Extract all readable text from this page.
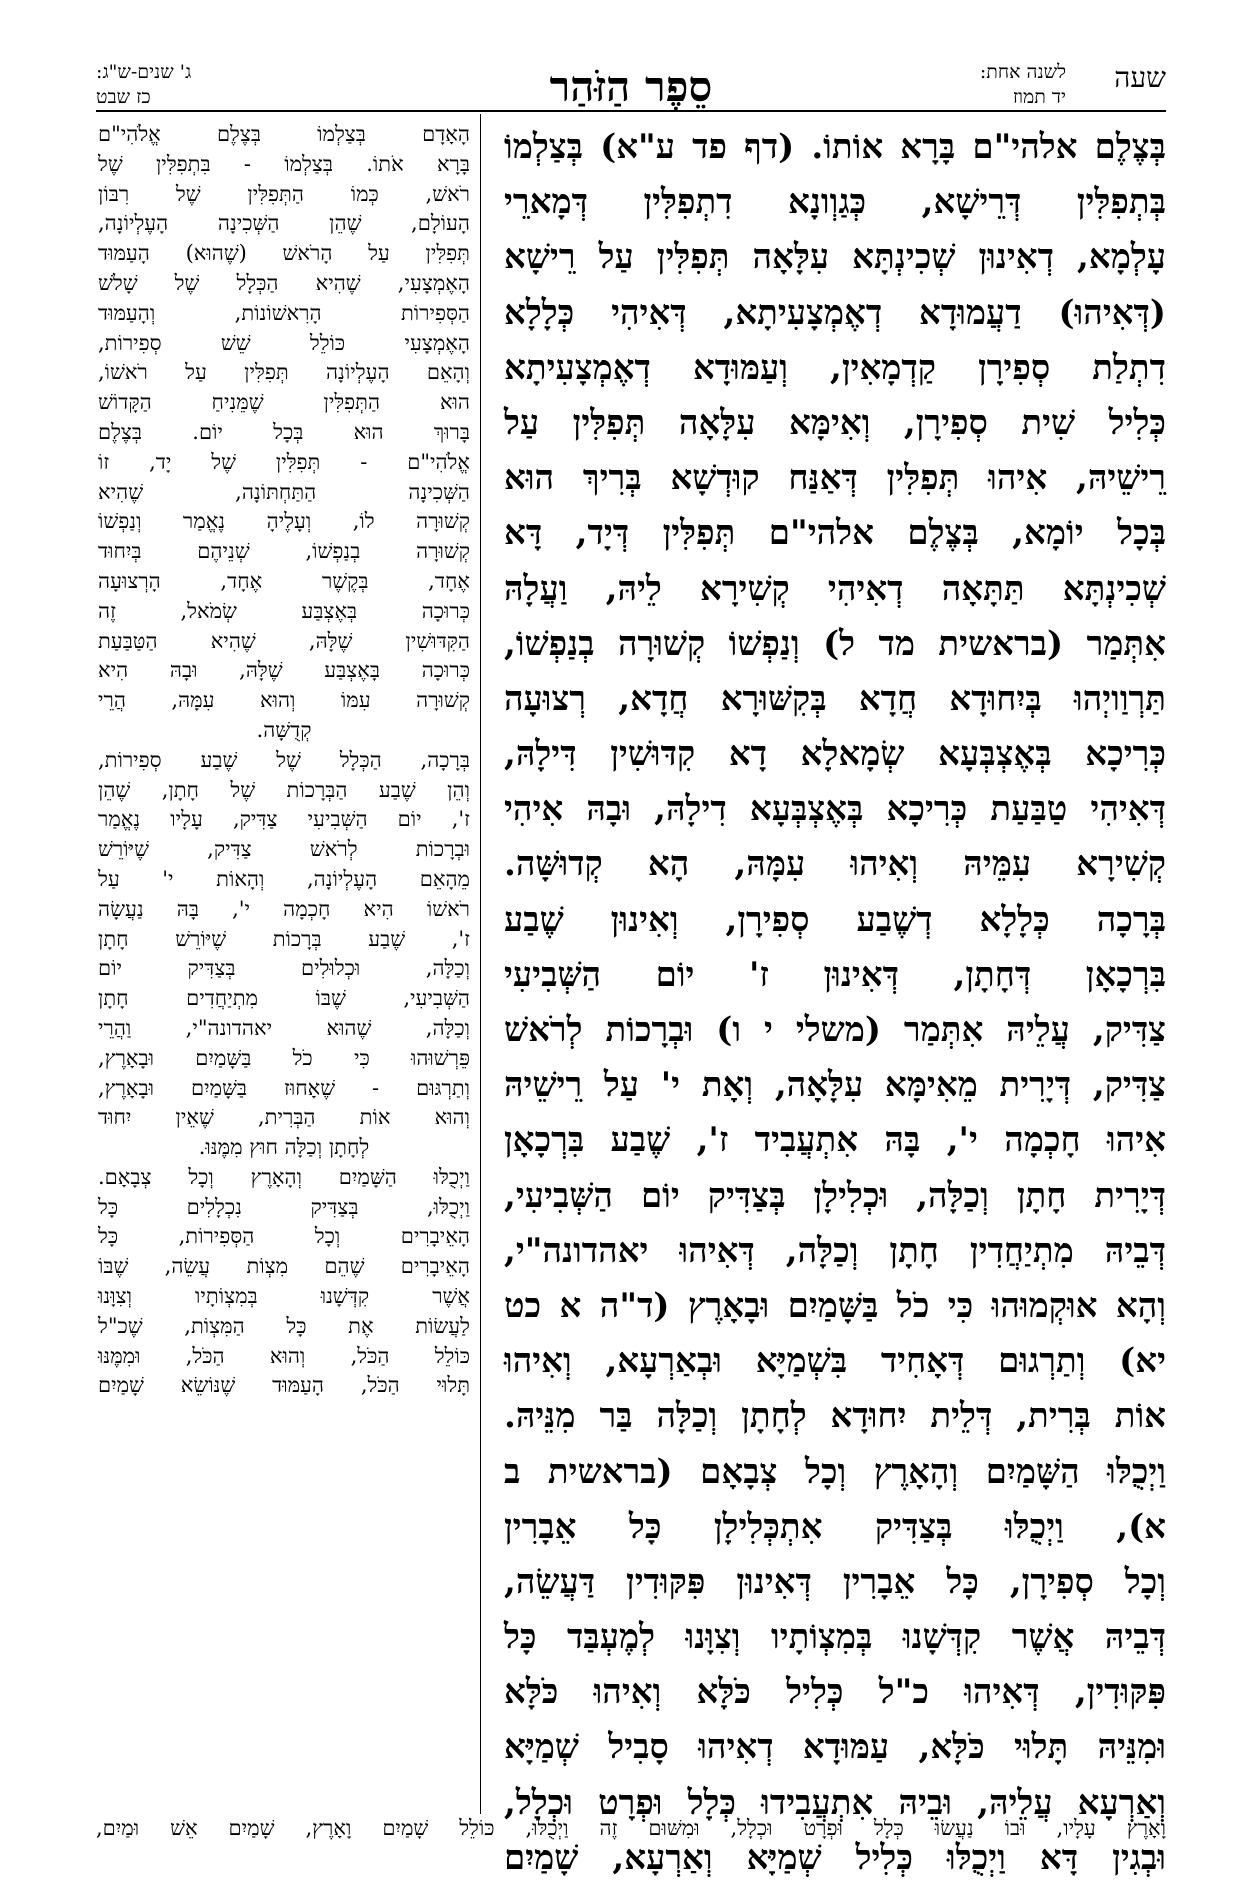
שעה
לשנה אחת:
יד תמוז
סֵפֶר הַזֹּהַר
ג' שנים-ש"ג:
כז שבט
בְּצֶלֶם אלהי"ם בָּרָא אוֹתוֹ. (דף פד ע"א) בְּצַלְמוֹ
בְּתְפִלִּין דְּרֵישָׁא, כְּגַוְונָא דִתְפִלִּין דְּמָארֵי
עָלְמָא, דְאִינוּן שְׁכִינְתָּא עִלָּאָה תְּפִלִּין עַל רֵישָׁא
(דְּאִיהוּ) דַעֲמוּדָא דְאֶמְצָעִיתָא, דְּאִיהִי כְּלָלָא
דִתְלַת סְפִירָן קַדְמָאִין, וְעַמּוּדָא דְאֶמְצָעִיתָא
כְּלִיל שִׁית סְפִירָן, וְאִימָּא עִלָּאָה תְּפִלִּין עַל
רֵישֵׁיהּ, אִיהוּ תְּפִלִּין דְּאַנַּח קוּדְשָׁא בְּרִיךְ הוּא
בְּכָל יוֹמָא, בְּצֶלֶם אלהי"ם תְּפִלִּין דְּיָד, דָּא
שְׁכִינְתָּא תַּתָּאָה דְאִיהִי קְשִׁירָא לֵיהּ, וַעֲלָהּ
אִתְּמַר (בראשית מד ל) וְנַפְשׁוֹ קְשׁוּרָה בְנַפְשׁוֹ,
תַּרְוַויְהוּ בְּיִחוּדָא חֲדָא בְּקִשּׁוּרָא חֲדָא, רְצוּעָה
כְּרִיכָא בְּאֶצְבְּעָא שְׂמָאלָא דָא קִדּוּשִׁין דִּילָהּ,
דְּאִיהִי טַבַּעַת כְּרִיכָא בְּאֶצְבְּעָא דִילָהּ, וּבָהּ אִיהִי
קְשִׁירָא עִמֵּיהּ וְאִיהוּ עִמָּהּ, הָא קְדוּשָּׁה.
בְּרָכָה כְּלָלָא דְשֶׁבַע סְפִירָן, וְאִינוּן שֶׁבַע
בִּרְכָאָן דְּחָתָן, דְּאִינוּן ז' יוֹם הַשְּׁבִיעִי
צַדִּיק, עֲלֵיהּ אִתְּמַר (משלי י ו) וּבְרָכוֹת לְרֹאשׁ
צַדִּיק, דְּיָרִית מֵאִימָּא עִלָּאָה, וְאָת י' עַל רֵישֵׁיהּ
אִיהוּ חָכְמָה י', בָּהּ אִתְעֲבִיד ז', שֶׁבַע בִּרְכָאָן
דְּיָרִית חָתָן וְכַלָּה, וּכְלִילָן בְּצַדִּיק יוֹם הַשְּׁבִיעִי,
דְּבֵיהּ מִתְיַחֲדִין חָתָן וְכַלָּה, דְּאִיהוּ יאהדונה"י,
וְהָא אוּקְמוּהוּ כִּי כֹל בַּשָּׁמַיִם וּבָאָרֶץ (ד"ה א כט
יא) וְתַרְגוּם דְּאָחִיד בִּשְׁמַיָּא וּבְאַרְעָא, וְאִיהוּ
אוֹת בְּרִית, דְּלֵית יִחוּדָא לְחָתָן וְכַלָּה בַּר מִנֵּיהּ.
וַיְכֻלּוּ הַשָּׁמַיִם וְהָאָרֶץ וְכָל צְבָאָם (בראשית ב
א), וַיְכֻלּוּ בְּצַדִּיק אִתְכְּלִילָן כָּל אֵבָרִין
וְכָל סְפִירָן, כָּל אֵבָרִין דְּאִינוּן פִּקּוּדִין דַּעֲשֵׂה,
דְּבֵיהּ אֲשֶׁר קִדְּשָׁנוּ בְּמִצְוֹתָיו וְצִוָּנוּ לְמֶעְבַּד כָּל
פִּקּוּדִין, דְּאִיהוּ כ"ל כְּלִיל כֹּלָּא וְאִיהוּ כֹּלָּא
וּמִנֵּיהּ תָּלוּי כֹּלָּא, עַמּוּדָא דְאִיהוּ סָבִיל שְׁמַיָּא
וְאַרְעָא עֲלֵיהּ, וּבֵיהּ אִתְעֲבִידוּ כְּלָל וּפְרָט וּכְלָל,
וּבְגִין דָּא וַיְכֻלּוּ כְּלִיל שְׁמַיָּא וְאַרְעָא, שָׁמַיִם
הָאָדָם בְּצַלְמוֹ בְּצֶלֶם אֱלֹהִי"ם
בָּרָא אֹתוֹ. בְּצַלְמוֹ - בִּתְפִלִּין שֶׁל
רֹאשׁ, כְּמוֹ הַתְּפִלִּין שֶׁל רִבּוֹן
הָעוֹלָם, שֶׁהֵן הַשְּׁכִינָה הָעֶלְיוֹנָה,
תְּפִלִּין עַל הָרֹאשׁ (שֶׁהוּא) הָעַמּוּד
הָאֶמְצָעִי, שֶׁהִיא הַכְּלָל שֶׁל שָׁלֹשׁ
הַסְּפִירוֹת הָרִאשׁוֹנוֹת, וְהָעַמּוּד
הָאֶמְצָעִי כּוֹלֵל שֵׁשׁ סְפִירוֹת,
וְהָאֵם הָעֶלְיוֹנָה תְּפִלִּין עַל רֹאשׁוֹ,
הוּא הַתְּפִלִּין שֶׁמֵּנִיחַ הַקָּדוֹשׁ
בָּרוּךְ הוּא בְּכָל יוֹם. בְּצֶלֶם
אֱלֹהִי"ם - תְּפִלִּין שֶׁל יָד, זוֹ
הַשְּׁכִינָה הַתַּחְתּוֹנָה, שֶׁהִיא
קְשׁוּרָה לוֹ, וְעָלֶיהָ נֶאֱמַר וְנַפְשׁוֹ
קְשׁוּרָה בְנַפְשׁוֹ, שְׁנֵיהֶם בְּיִחוּד
אֶחָד, בְּקֶשֶׁר אֶחָד, הָרְצוּעָה
כְּרוּכָה בְּאֶצְבַּע שְׂמֹאל, זֶה
הַקִּדּוּשִׁין שֶׁלָּהּ, שֶׁהִיא הַטַּבַּעַת
כְּרוּכָה בָּאֶצְבַּע שֶׁלָּהּ, וּבָהּ הִיא
קְשׁוּרָה עִמּוֹ וְהוּא עִמָּהּ, הֲרֵי
קְדֻשָּׁה.
בְּרָכָה, הַכְּלָל שֶׁל שֶׁבַע סְפִירוֹת,
וְהֵן שֶׁבַע הַבְּרָכוֹת שֶׁל חָתָן, שֶׁהֵן
ז', יוֹם הַשְּׁבִיעִי צַדִּיק, עָלָיו נֶאֱמַר
וּבְרָכוֹת לְרֹאשׁ צַדִּיק, שֶׁיּוֹרֵשׁ
מֵהָאֵם הָעֶלְיוֹנָה, וְהָאוֹת י' עַל
רֹאשׁוֹ הִיא חָכְמָה י', בָּהּ נַעֲשָׂה
ז', שֶׁבַע בְּרָכוֹת שֶׁיּוֹרֵשׁ חָתָן
וְכַלָּה, וּכְלוּלִים בְּצַדִּיק יוֹם
הַשְּׁבִיעִי, שֶׁבּוֹ מִתְיַחֲדִים חָתָן
וְכַלָּה, שֶׁהוּא יאהדונה"י, וַהֲרֵי
פֵּרְשׁוּהוּ כִּי כֹל בַּשָּׁמַיִם וּבָאָרֶץ,
וְתַרְגּוּם - שֶׁאָחוּז בַּשָּׁמַיִם וּבָאָרֶץ,
וְהוּא אוֹת הַבְּרִית, שֶׁאֵין יִחוּד
לְחָתָן וְכַלָּה חוּץ מִמֶּנּוּ.
וַיְכֻלּוּ הַשָּׁמַיִם וְהָאָרֶץ וְכָל צְבָאָם.
וַיְכֻלּוּ, בְּצַדִּיק נִכְלָלִים כָּל
הָאֵיבָרִים וְכָל הַסְּפִירוֹת, כָּל
הָאֵיבָרִים שֶׁהֵם מִצְוֹת עֲשֵׂה, שֶׁבּוֹ
אֲשֶׁר קִדְּשָׁנוּ בְּמִצְוֹתָיו וְצִוָּנוּ
לַעֲשׂוֹת אֶת כָּל הַמִּצְוֹת, שֶׁכ"ל
כּוֹלֵל הַכֹּל, וְהוּא הַכֹּל, וּמִמֶּנּוּ
תָּלוּי הַכֹּל, הָעַמּוּד שֶׁנּוֹשֵׂא שָׁמַיִם
וָאָרֶץ עָלָיו, וּבוֹ נַעֲשׂוּ כְּלָל וּפְרָט וּכְלָל, וּמִשּׁוּם זֶה וַיְכֻלּוּ, כּוֹלֵל שָׁמַיִם וָאָרֶץ, שָׁמַיִם אֵשׁ וּמַיִם,
